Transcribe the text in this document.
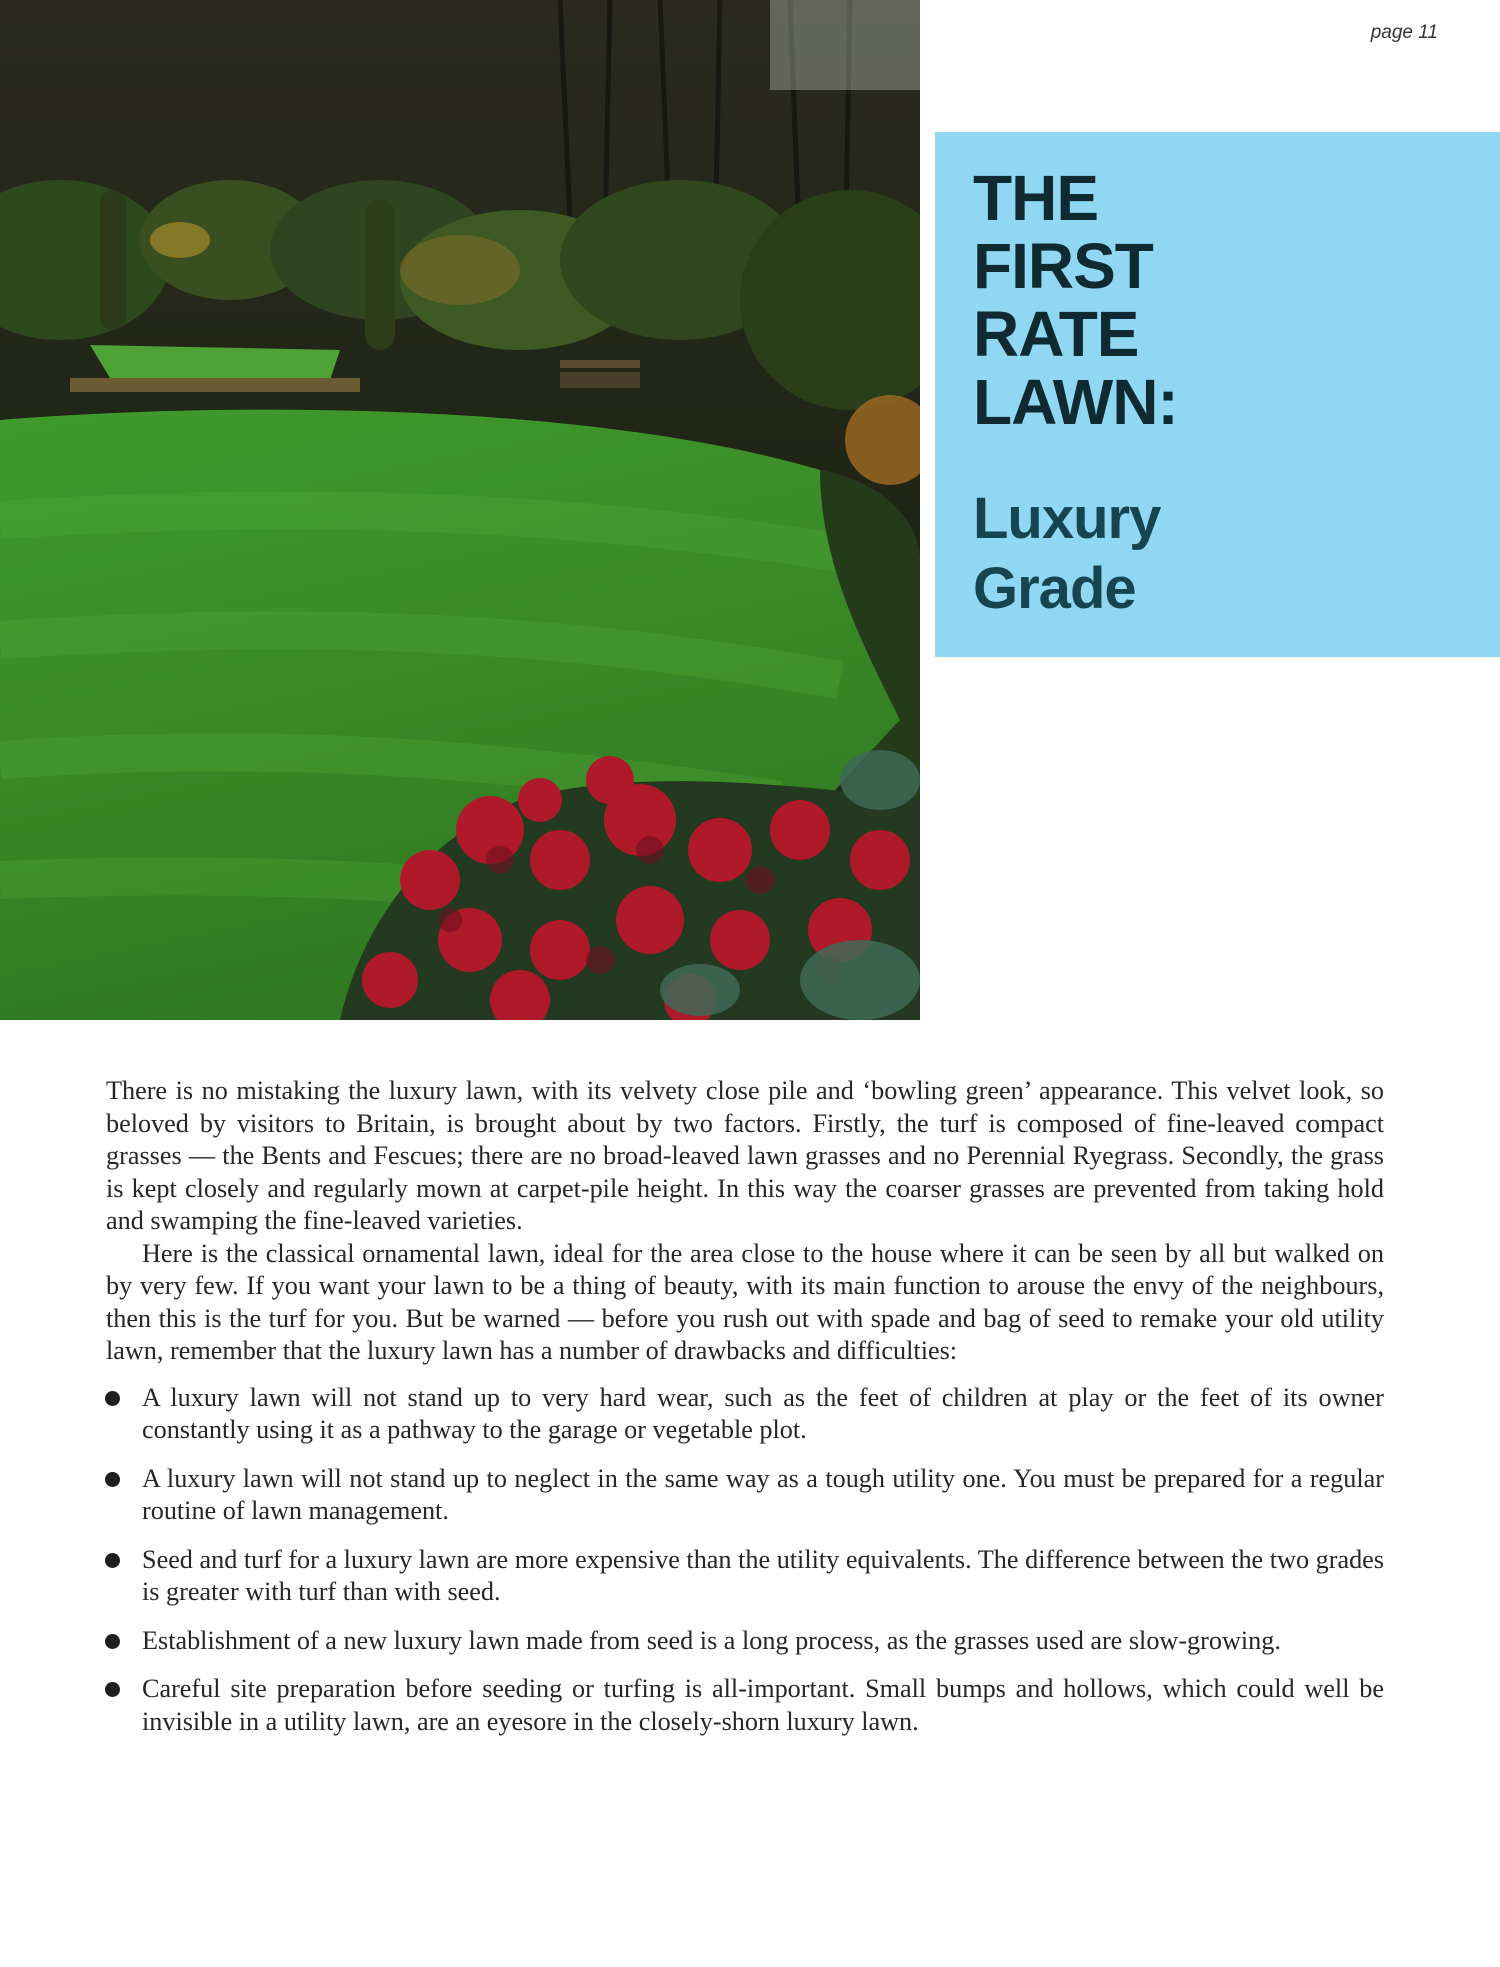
page 11
THE
FIRST
RATE
LAWN:
Luxury
Grade

There is no mistaking the luxury lawn, with its velvety close pile and ‘bowling green’ appearance. This velvet look, so beloved by visitors to Britain, is brought about by two factors. Firstly, the turf is composed of fine-leaved compact grasses — the Bents and Fescues; there are no broad-leaved lawn grasses and no Perennial Ryegrass. Secondly, the grass is kept closely and regularly mown at carpet-pile height. In this way the coarser grasses are prevented from taking hold and swamping the fine-leaved varieties.

Here is the classical ornamental lawn, ideal for the area close to the house where it can be seen by all but walked on by very few. If you want your lawn to be a thing of beauty, with its main function to arouse the envy of the neighbours, then this is the turf for you. But be warned — before you rush out with spade and bag of seed to remake your old utility lawn, remember that the luxury lawn has a number of drawbacks and difficulties:

A luxury lawn will not stand up to very hard wear, such as the feet of children at play or the feet of its owner constantly using it as a pathway to the garage or vegetable plot.
A luxury lawn will not stand up to neglect in the same way as a tough utility one. You must be prepared for a regular routine of lawn management.
Seed and turf for a luxury lawn are more expensive than the utility equivalents. The difference between the two grades is greater with turf than with seed.
Establishment of a new luxury lawn made from seed is a long process, as the grasses used are slow-growing.
Careful site preparation before seeding or turfing is all-important. Small bumps and hollows, which could well be invisible in a utility lawn, are an eyesore in the closely-shorn luxury lawn.
